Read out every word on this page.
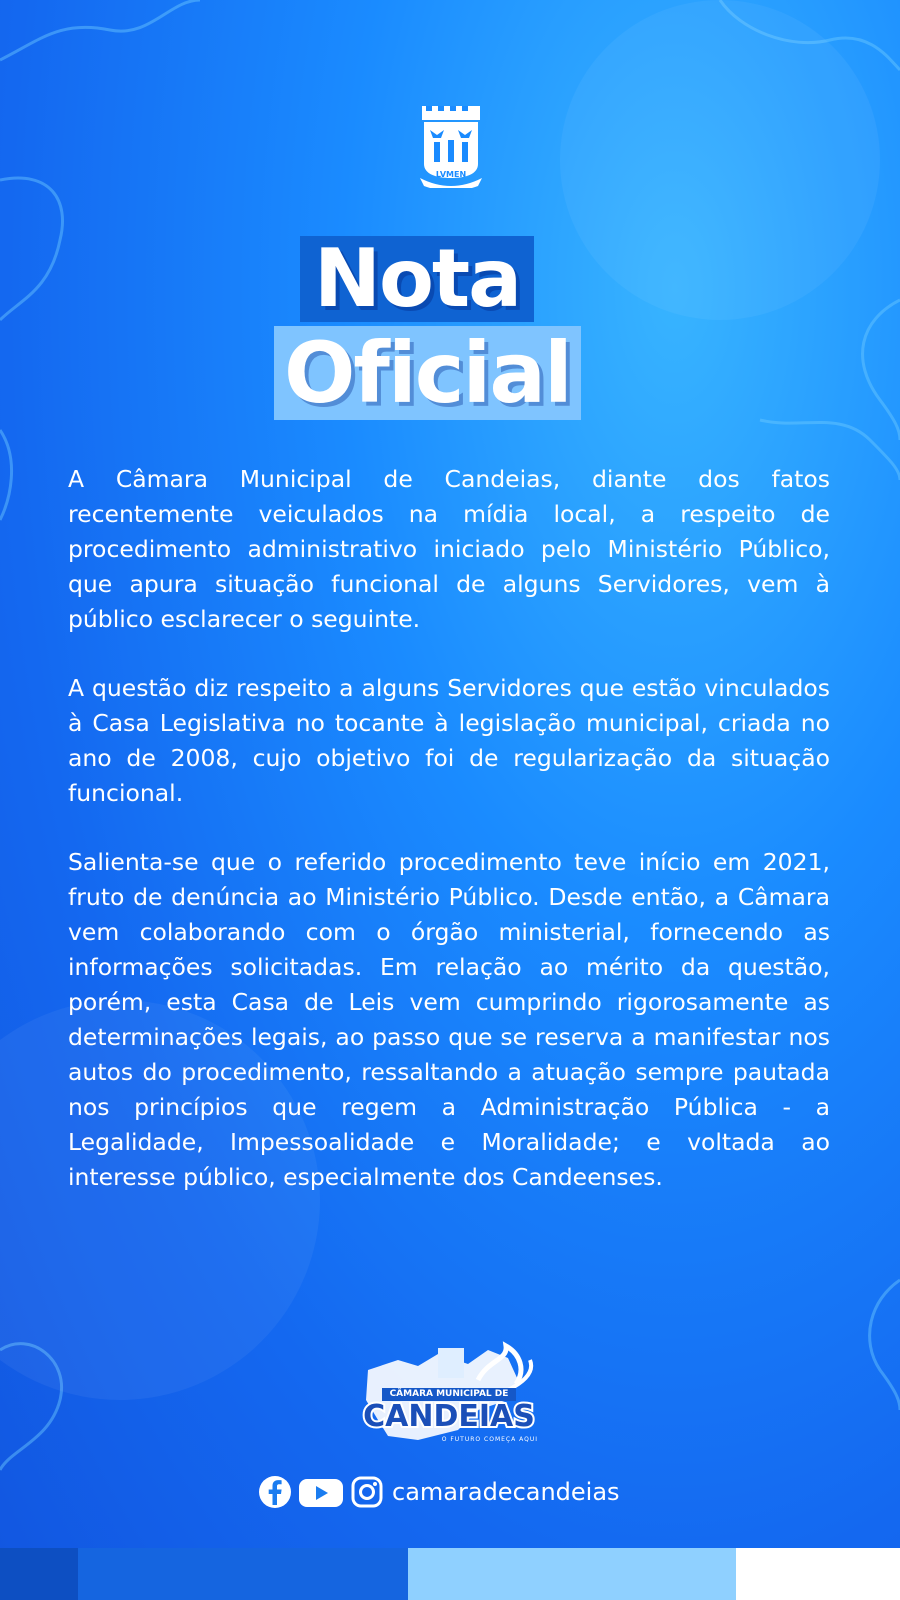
LVMEN
Nota
Oficial

A Câmara Municipal de Candeias, diante dos fatos recentemente veiculados na mídia local, a respeito de procedimento administrativo iniciado pelo Ministério Público, que apura situação funcional de alguns Servidores, vem à público esclarecer o seguinte.

A questão diz respeito a alguns Servidores que estão vinculados à Casa Legislativa no tocante à legislação municipal, criada no ano de 2008, cujo objetivo foi de regularização da situação funcional.

Salienta-se que o referido procedimento teve início em 2021, fruto de denúncia ao Ministério Público. Desde então, a Câmara vem colaborando com o órgão ministerial, fornecendo as informações solicitadas. Em relação ao mérito da questão, porém, esta Casa de Leis vem cumprindo rigorosamente as determinações legais, ao passo que se reserva a manifestar nos autos do procedimento, ressaltando a atuação sempre pautada nos princípios que regem a Administração Pública - a Legalidade, Impessoalidade e Moralidade; e voltada ao interesse público, especialmente dos Candeenses.

CÂMARA MUNICIPAL DE
CANDEIAS
O FUTURO COMEÇA AQUI
camaradecandeias
